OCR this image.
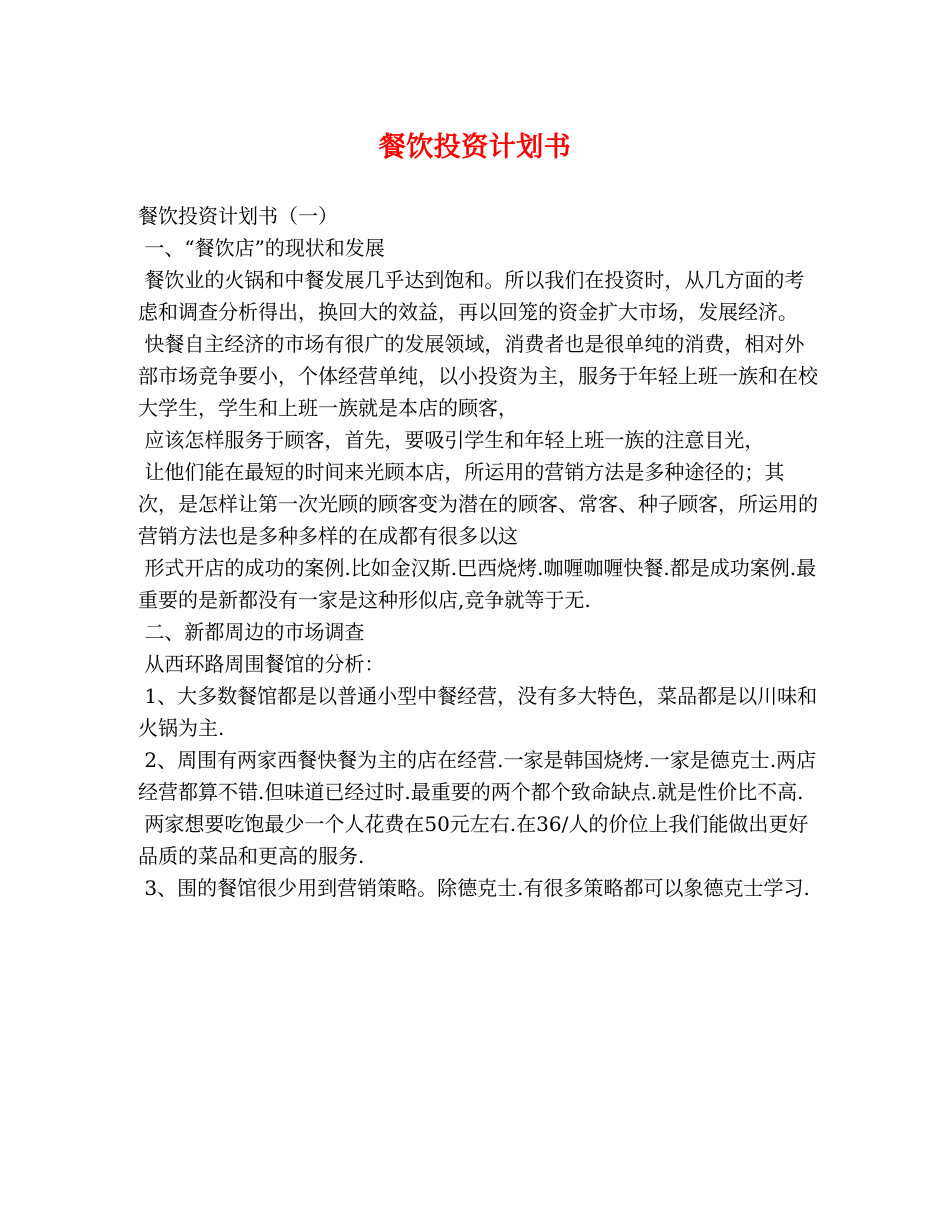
餐饮投资计划书

餐饮投资计划书（一）

一、“餐饮店”的现状和发展

餐饮业的火锅和中餐发展几乎达到饱和。所以我们在投资时，从几方面的考虑和调查分析得出，换回大的效益，再以回笼的资金扩大市场，发展经济。

快餐自主经济的市场有很广的发展领域，消费者也是很单纯的消费，相对外部市场竞争要小，个体经营单纯，以小投资为主，服务于年轻上班一族和在校大学生，学生和上班一族就是本店的顾客，

应该怎样服务于顾客，首先，要吸引学生和年轻上班一族的注意目光，

让他们能在最短的时间来光顾本店，所运用的营销方法是多种途径的；其次，是怎样让第一次光顾的顾客变为潜在的顾客、常客、种子顾客，所运用的营销方法也是多种多样的在成都有很多以这

形式开店的成功的案例.比如金汉斯.巴西烧烤.咖喱咖喱快餐.都是成功案例.最重要的是新都没有一家是这种形似店,竞争就等于无.

二、新都周边的市场调查

从西环路周围餐馆的分析：

1、大多数餐馆都是以普通小型中餐经营，没有多大特色，菜品都是以川味和火锅为主.

2、周围有两家西餐快餐为主的店在经营.一家是韩国烧烤.一家是德克士.两店经营都算不错.但味道已经过时.最重要的两个都个致命缺点.就是性价比不高.

两家想要吃饱最少一个人花费在50元左右.在36/人的价位上我们能做出更好品质的菜品和更高的服务.

3、围的餐馆很少用到营销策略。除德克士.有很多策略都可以象德克士学习.
